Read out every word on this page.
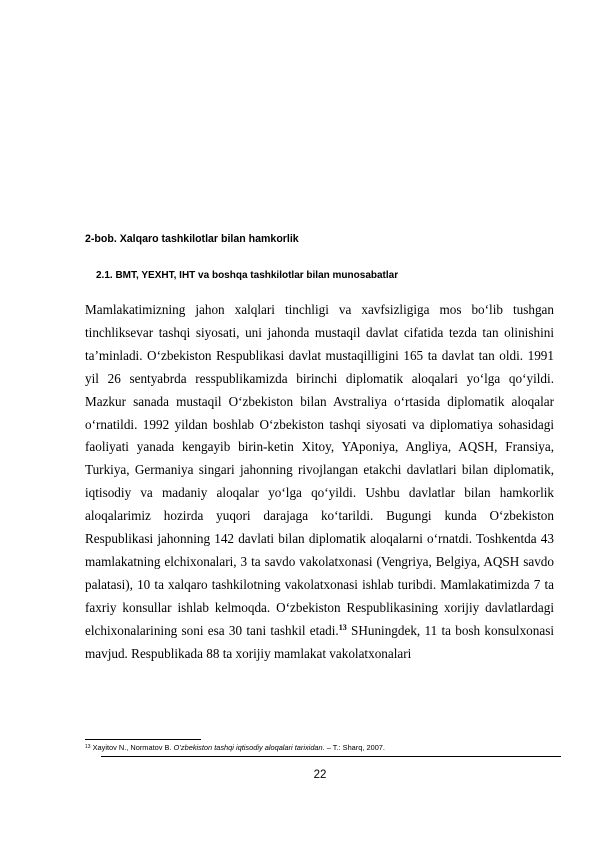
2-bob. Xalqaro tashkilotlar bilan hamkorlik
2.1. BMT, YEXHT, IHT va boshqa tashkilotlar bilan munosabatlar

Mamlakatimizning jahon xalqlari tinchligi va xavfsizligiga mos bo‘lib tushgan tinchliksevar tashqi siyosati, uni jahonda mustaqil davlat cifatida tezda tan olinishini ta’minladi. O‘zbekiston Respublikasi davlat mustaqilligini 165 ta davlat tan oldi. 1991 yil 26 sentyabrda resspublikamizda birinchi diplomatik aloqalari yo‘lga qo‘yildi. Mazkur sanada mustaqil O‘zbekiston bilan Avstraliya o‘rtasida diplomatik aloqalar o‘rnatildi. 1992 yildan boshlab O‘zbekiston tashqi siyosati va diplomatiya sohasidagi faoliyati yanada kengayib birin-ketin Xitoy, YAponiya, Angliya, AQSH, Fransiya, Turkiya, Germaniya singari jahonning rivojlangan etakchi davlatlari bilan diplomatik, iqtisodiy va madaniy aloqalar yo‘lga qo‘yildi. Ushbu davlatlar bilan hamkorlik aloqalarimiz hozirda yuqori darajaga ko‘tarildi. Bugungi kunda O‘zbekiston Respublikasi jahonning 142 davlati bilan diplomatik aloqalarni o‘rnatdi. Toshkentda 43 mamlakatning elchixonalari, 3 ta savdo vakolatxonasi (Vengriya, Belgiya, AQSH savdo palatasi), 10 ta xalqaro tashkilotning vakolatxonasi ishlab turibdi. Mamlakatimizda 7 ta faxriy konsullar ishlab kelmoqda. O‘zbekiston Respublikasining xorijiy davlatlardagi elchixonalarining soni esa 30 tani tashkil etadi.$^{13}$ SHuningdek, 11 ta bosh konsulxonasi mavjud. Respublikada 88 ta xorijiy mamlakat vakolatxonalari

$^{13}$ Xayitov N., Normatov B. O’zbekiston tashqi iqtisodiy aloqalari tarixidan. – T.: Sharq, 2007.
22
